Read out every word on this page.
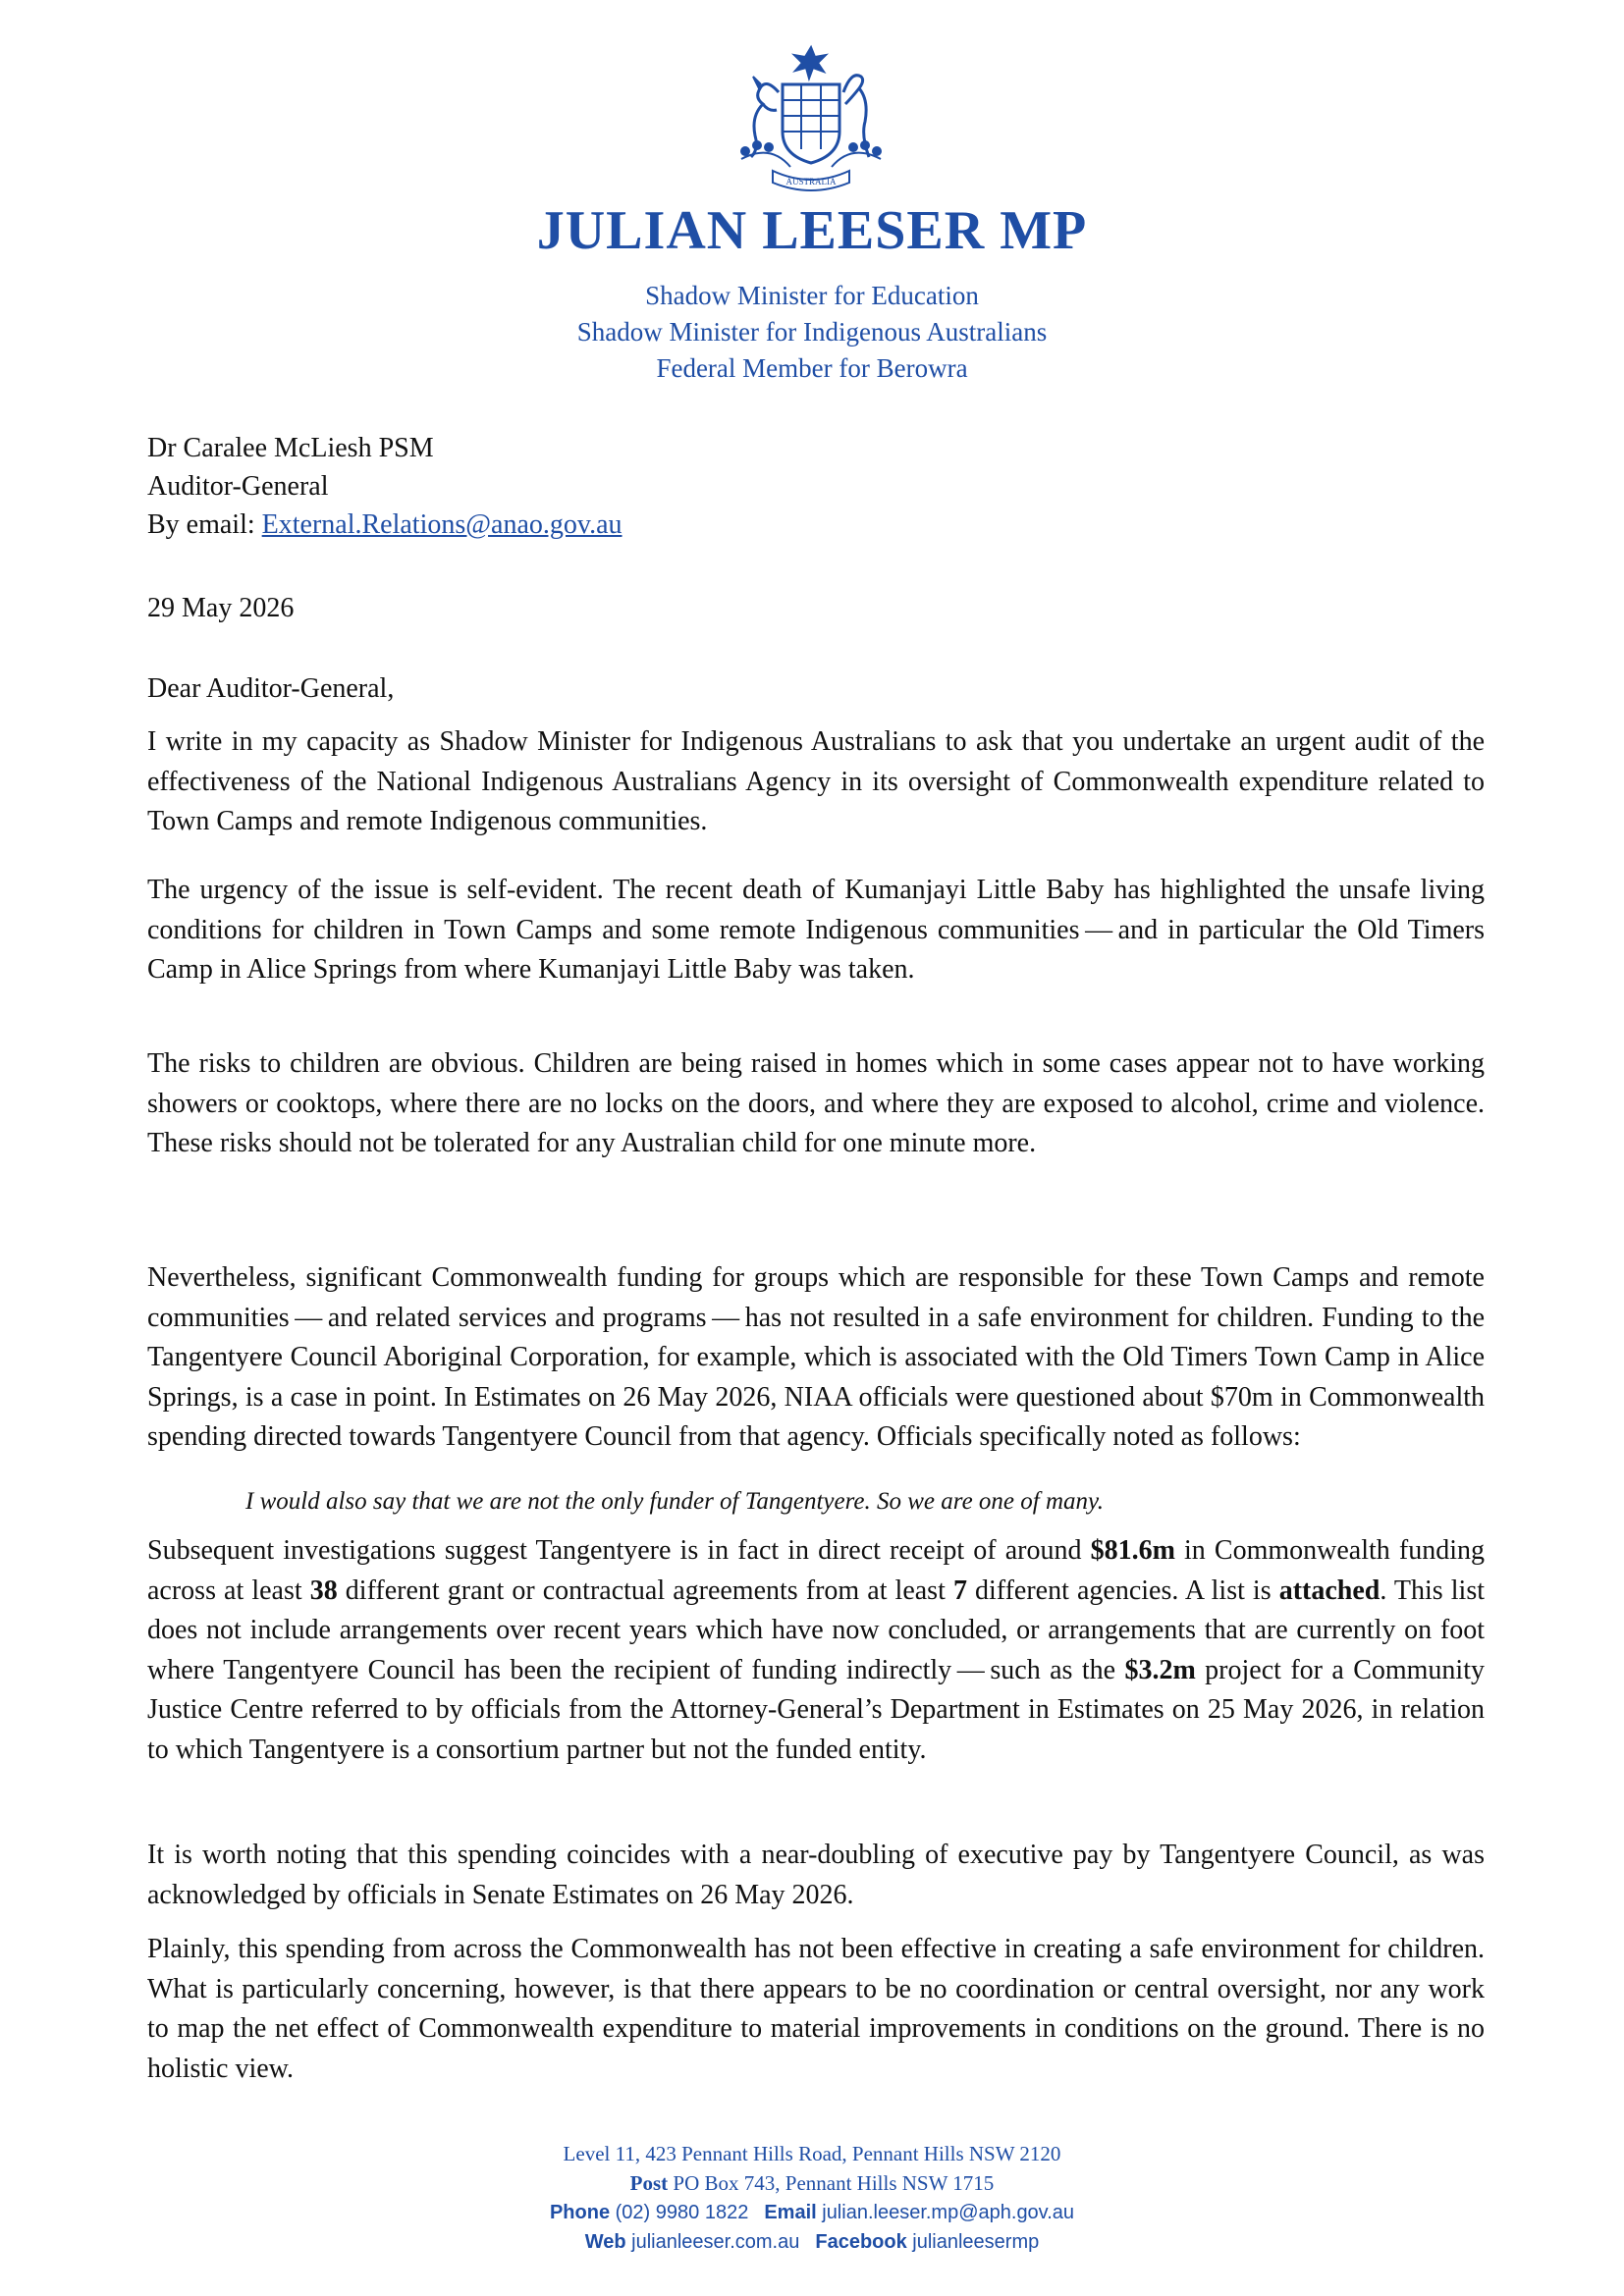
AUSTRALIA
JULIAN LEESER MP
Shadow Minister for Education
Shadow Minister for Indigenous Australians
Federal Member for Berowra
Dr Caralee McLiesh PSM
Auditor-General
By email: External.Relations@anao.gov.au
29 May 2026
Dear Auditor-General,
I write in my capacity as Shadow Minister for Indigenous Australians to ask that you undertake an urgent audit of the effectiveness of the National Indigenous Australians Agency in its oversight of Commonwealth expenditure related to Town Camps and remote Indigenous communities.
The urgency of the issue is self-evident. The recent death of Kumanjayi Little Baby has highlighted the unsafe living conditions for children in Town Camps and some remote Indigenous communities — and in particular the Old Timers Camp in Alice Springs from where Kumanjayi Little Baby was taken.
The risks to children are obvious. Children are being raised in homes which in some cases appear not to have working showers or cooktops, where there are no locks on the doors, and where they are exposed to alcohol, crime and violence. These risks should not be tolerated for any Australian child for one minute more.
Nevertheless, significant Commonwealth funding for groups which are responsible for these Town Camps and remote communities — and related services and programs — has not resulted in a safe environment for children. Funding to the Tangentyere Council Aboriginal Corporation, for example, which is associated with the Old Timers Town Camp in Alice Springs, is a case in point. In Estimates on 26 May 2026, NIAA officials were questioned about $70m in Commonwealth spending directed towards Tangentyere Council from that agency. Officials specifically noted as follows:
I would also say that we are not the only funder of Tangentyere. So we are one of many.
Subsequent investigations suggest Tangentyere is in fact in direct receipt of around $81.6m in Commonwealth funding across at least 38 different grant or contractual agreements from at least 7 different agencies. A list is attached. This list does not include arrangements over recent years which have now concluded, or arrangements that are currently on foot where Tangentyere Council has been the recipient of funding indirectly — such as the $3.2m project for a Community Justice Centre referred to by officials from the Attorney-General’s Department in Estimates on 25 May 2026, in relation to which Tangentyere is a consortium partner but not the funded entity.
It is worth noting that this spending coincides with a near-doubling of executive pay by Tangentyere Council, as was acknowledged by officials in Senate Estimates on 26 May 2026.
Plainly, this spending from across the Commonwealth has not been effective in creating a safe environment for children. What is particularly concerning, however, is that there appears to be no coordination or central oversight, nor any work to map the net effect of Commonwealth expenditure to material improvements in conditions on the ground. There is no holistic view.
Level 11, 423 Pennant Hills Road, Pennant Hills NSW 2120
Post PO Box 743, Pennant Hills NSW 1715
Phone (02) 9980 1822 Email julian.leeser.mp@aph.gov.au
Web julianleeser.com.au Facebook julianleesermp
